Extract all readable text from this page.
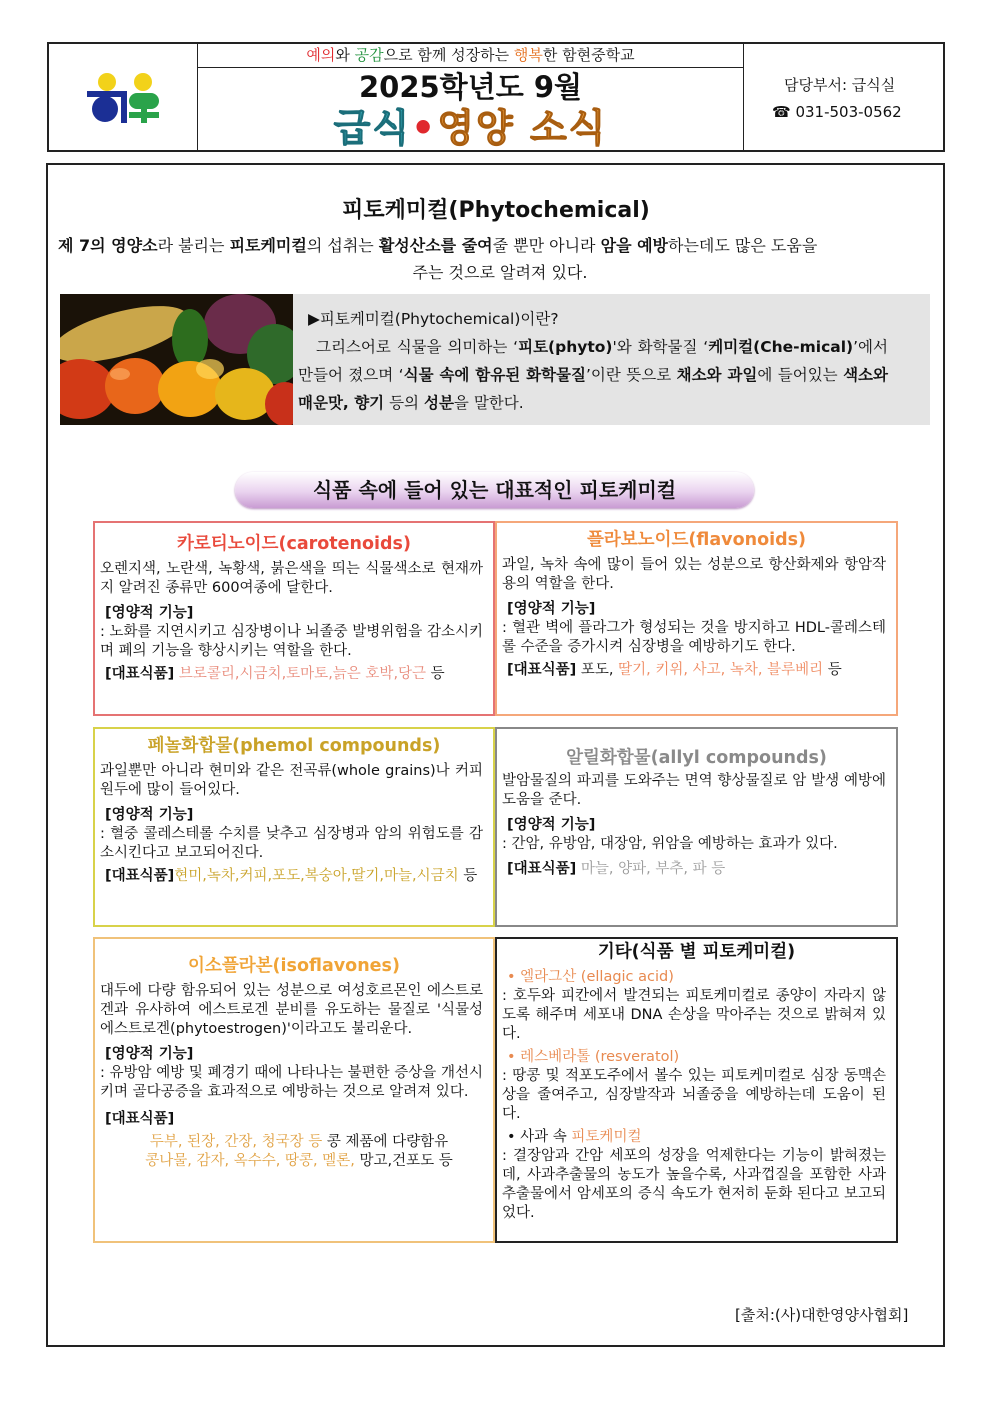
예의와 공감으로 함께 성장하는 행복한 함현중학교
2025학년도 9월
급식•영양 소식
담당부서: 급식실
☎ 031-503-0562
피토케미컬(Phytochemical)
제 7의 영양소라 불리는 피토케미컬의 섭취는 활성산소를 줄여줄 뿐만 아니라 암을 예방하는데도 많은 도움을
주는 것으로 알려져 있다.
▶피토케미컬(Phytochemical)이란?
그리스어로 식물을 의미하는 ‘피토(phyto)'와 화학물질 ‘케미컬(Che-mical)’에서 만들어 졌으며 ‘식물 속에 함유된 화학물질’이란 뜻으로 채소와 과일에 들어있는 색소와 매운맛, 향기 등의 성분을 말한다.
식품 속에 들어 있는 대표적인 피토케미컬
카로티노이드(carotenoids)
오렌지색, 노란색, 녹황색, 붉은색을 띄는 식물색소로 현재까지 알려진 종류만 600여종에 달한다.
[영양적 기능]
: 노화를 지연시키고 심장병이나 뇌졸중 발병위험을 감소시키며 폐의 기능을 향상시키는 역할을 한다.
[대표식품] 브로콜리,시금치,토마토,늙은 호박,당근 등
플라보노이드(flavonoids)
과일, 녹차 속에 많이 들어 있는 성분으로 항산화제와 항암작용의 역할을 한다.
[영양적 기능]
: 혈관 벽에 플라그가 형성되는 것을 방지하고 HDL-콜레스테롤 수준을 증가시켜 심장병을 예방하기도 한다.
[대표식품] 포도, 딸기, 키위, 사고, 녹차, 블루베리 등
페놀화합물(phemol compounds)
과일뿐만 아니라 현미와 같은 전곡류(whole grains)나 커피 원두에 많이 들어있다.
[영양적 기능]
: 혈중 콜레스테롤 수치를 낮추고 심장병과 암의 위험도를 감소시킨다고 보고되어진다.
[대표식품]현미,녹차,커피,포도,복숭아,딸기,마늘,시금치 등
알릴화합물(allyl compounds)
발암물질의 파괴를 도와주는 면역 향상물질로 암 발생 예방에 도움을 준다.
[영양적 기능]
: 간암, 유방암, 대장암, 위암을 예방하는 효과가 있다.
[대표식품] 마늘, 양파, 부추, 파 등
이소플라본(isoflavones)
대두에 다량 함유되어 있는 성분으로 여성호르몬인 에스트로겐과 유사하여 에스트로겐 분비를 유도하는 물질로 '식물성 에스트로겐(phytoestrogen)'이라고도 불리운다.
[영양적 기능]
: 유방암 예방 및 폐경기 때에 나타나는 불편한 증상을 개선시키며 골다공증을 효과적으로 예방하는 것으로 알려져 있다.
[대표식품]
두부, 된장, 간장, 청국장 등 콩 제품에 다량함유
콩나물, 감자, 옥수수, 땅콩, 멜론, 망고,건포도 등
기타(식품 별 피토케미컬)
• 엘라그산 (ellagic acid)
: 호두와 피칸에서 발견되는 피토케미컬로 종양이 자라지 않도록 해주며 세포내 DNA 손상을 막아주는 것으로 밝혀져 있다.
• 레스베라톨 (resveratol)
: 땅콩 및 적포도주에서 볼수 있는 피토케미컬로 심장 동맥손상을 줄여주고, 심장발작과 뇌졸중을 예방하는데 도움이 된다.
• 사과 속 피토케미컬
: 결장암과 간암 세포의 성장을 억제한다는 기능이 밝혀졌는데, 사과추출물의 농도가 높을수록, 사과껍질을 포함한 사과 추출물에서 암세포의 증식 속도가 현저히 둔화 된다고 보고되었다.
[출처:(사)대한영양사협회]
